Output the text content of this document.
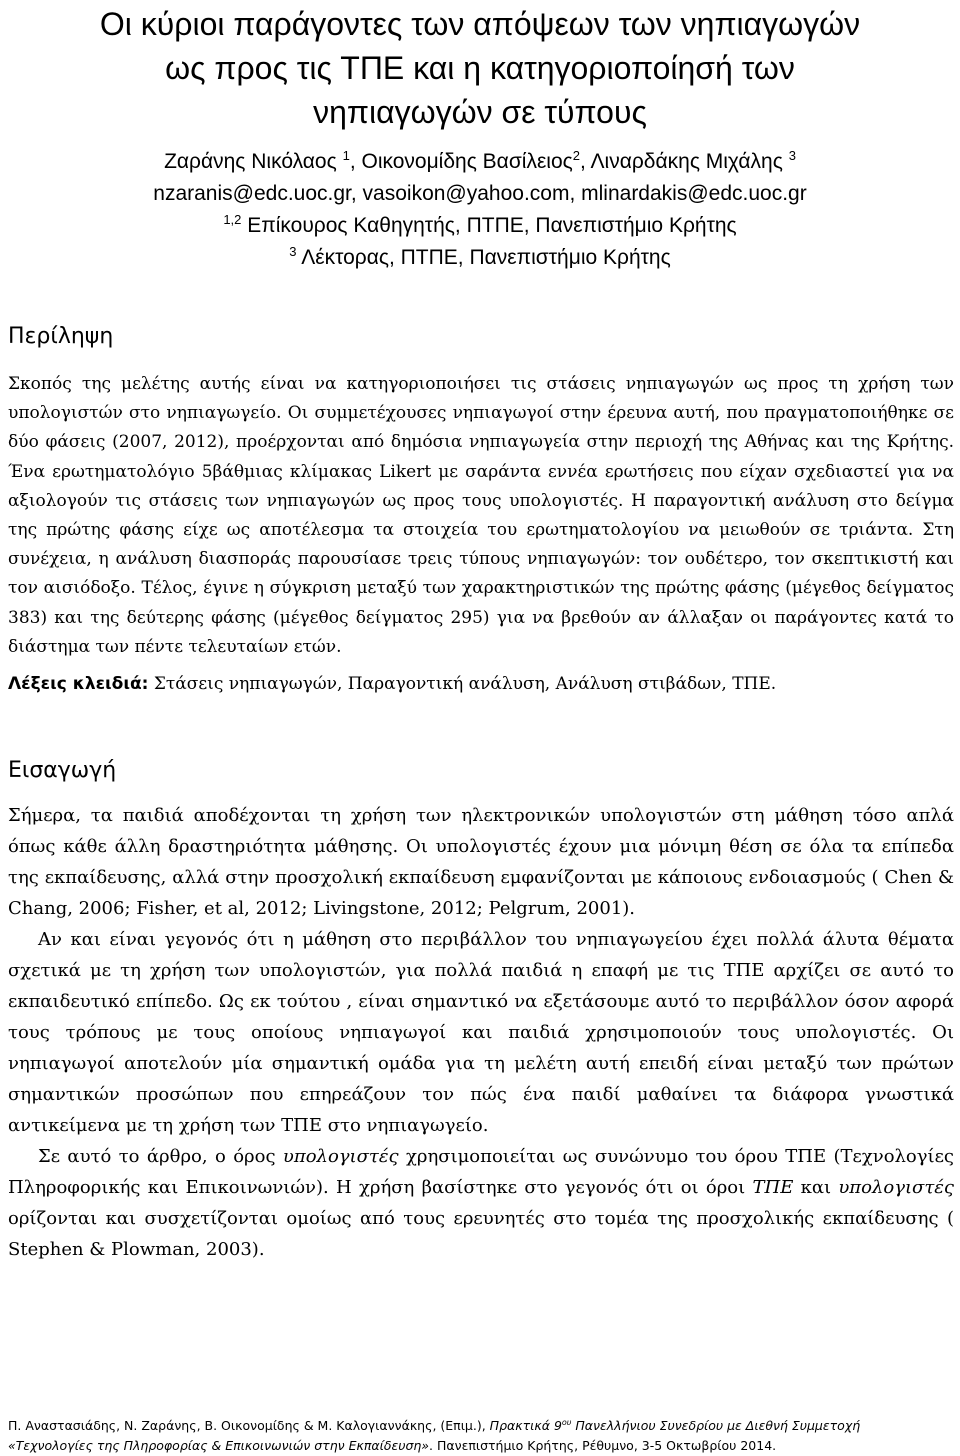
Οι κύριοι παράγοντες των απόψεων των νηπιαγωγών
ως προς τις ΤΠΕ και η κατηγοριοποίησή των
νηπιαγωγών σε τύπους
Ζαράνης Νικόλαος $^1$, Οικονομίδης Βασίλειος$^2$, Λιναρδάκης Μιχάλης $^3$
nzaranis@edc.uoc.gr, vasoikon@yahoo.com, mlinardakis@edc.uoc.gr
$^{1,2}$ Επίκουρος Καθηγητής, ΠΤΠΕ, Πανεπιστήμιο Κρήτης
$^3$ Λέκτορας, ΠΤΠΕ, Πανεπιστήμιο Κρήτης
Περίληψη

Σκοπός της μελέτης αυτής είναι να κατηγοριοποιήσει τις στάσεις νηπιαγωγών ως προς τη χρήση των υπολογιστών στο νηπιαγωγείο. Οι συμμετέχουσες νηπιαγωγοί στην έρευνα αυτή, που πραγματοποιήθηκε σε δύο φάσεις (2007, 2012), προέρχονται από δημόσια νηπιαγωγεία στην περιοχή της Αθήνας και της Κρήτης. Ένα ερωτηματολόγιο 5βάθμιας κλίμακας Likert με σαράντα εννέα ερωτήσεις που είχαν σχεδιαστεί για να αξιολογούν τις στάσεις των νηπιαγωγών ως προς τους υπολογιστές. Η παραγοντική ανάλυση στο δείγμα της πρώτης φάσης είχε ως αποτέλεσμα τα στοιχεία του ερωτηματολογίου να μειωθούν σε τριάντα. Στη συνέχεια, η ανάλυση διασποράς παρουσίασε τρεις τύπους νηπιαγωγών: τον ουδέτερο, τον σκεπτικιστή και τον αισιόδοξο. Τέλος, έγινε η σύγκριση μεταξύ των χαρακτηριστικών της πρώτης φάσης (μέγεθος δείγματος 383) και της δεύτερης φάσης (μέγεθος δείγματος 295) για να βρεθούν αν άλλαξαν οι παράγοντες κατά το διάστημα των πέντε τελευταίων ετών.

Λέξεις κλειδιά: Στάσεις νηπιαγωγών, Παραγοντική ανάλυση, Ανάλυση στιβάδων, ΤΠΕ.

Εισαγωγή

Σήμερα, τα παιδιά αποδέχονται τη χρήση των ηλεκτρονικών υπολογιστών στη μάθηση τόσο απλά όπως κάθε άλλη δραστηριότητα μάθησης. Οι υπολογιστές έχουν μια μόνιμη θέση σε όλα τα επίπεδα της εκπαίδευσης, αλλά στην προσχολική εκπαίδευση εμφανίζονται με κάποιους ενδοιασμούς ( Chen & Chang, 2006; Fisher, et al, 2012; Livingstone, 2012; Pelgrum, 2001).

Αν και είναι γεγονός ότι η μάθηση στο περιβάλλον του νηπιαγωγείου έχει πολλά άλυτα θέματα σχετικά με τη χρήση των υπολογιστών, για πολλά παιδιά η επαφή με τις ΤΠΕ αρχίζει σε αυτό το εκπαιδευτικό επίπεδο. Ως εκ τούτου , είναι σημαντικό να εξετάσουμε αυτό το περιβάλλον όσον αφορά τους τρόπους με τους οποίους νηπιαγωγοί και παιδιά χρησιμοποιούν τους υπολογιστές. Οι νηπιαγωγοί αποτελούν μία σημαντική ομάδα για τη μελέτη αυτή επειδή είναι μεταξύ των πρώτων σημαντικών προσώπων που επηρεάζουν τον πώς ένα παιδί μαθαίνει τα διάφορα γνωστικά αντικείμενα με τη χρήση των ΤΠΕ στο νηπιαγωγείο.

Σε αυτό το άρθρο, ο όρος υπολογιστές χρησιμοποιείται ως συνώνυμο του όρου ΤΠΕ (Τεχνολογίες Πληροφορικής και Επικοινωνιών). Η χρήση βασίστηκε στο γεγονός ότι οι όροι ΤΠΕ και υπολογιστές ορίζονται και συσχετίζονται ομοίως από τους ερευνητές στο τομέα της προσχολικής εκπαίδευσης ( Stephen & Plowman, 2003).

Π. Αναστασιάδης, Ν. Ζαράνης, Β. Οικονομίδης & Μ. Καλογιαννάκης, (Επιμ.), Πρακτικά $9^{o\upsilon}$ Πανελλήνιου Συνεδρίου με Διεθνή Συμμετοχή
«Τεχνολογίες της Πληροφορίας & Επικοινωνιών στην Εκπαίδευση». Πανεπιστήμιο Κρήτης, Ρέθυμνο, 3-5 Οκτωβρίου 2014.
